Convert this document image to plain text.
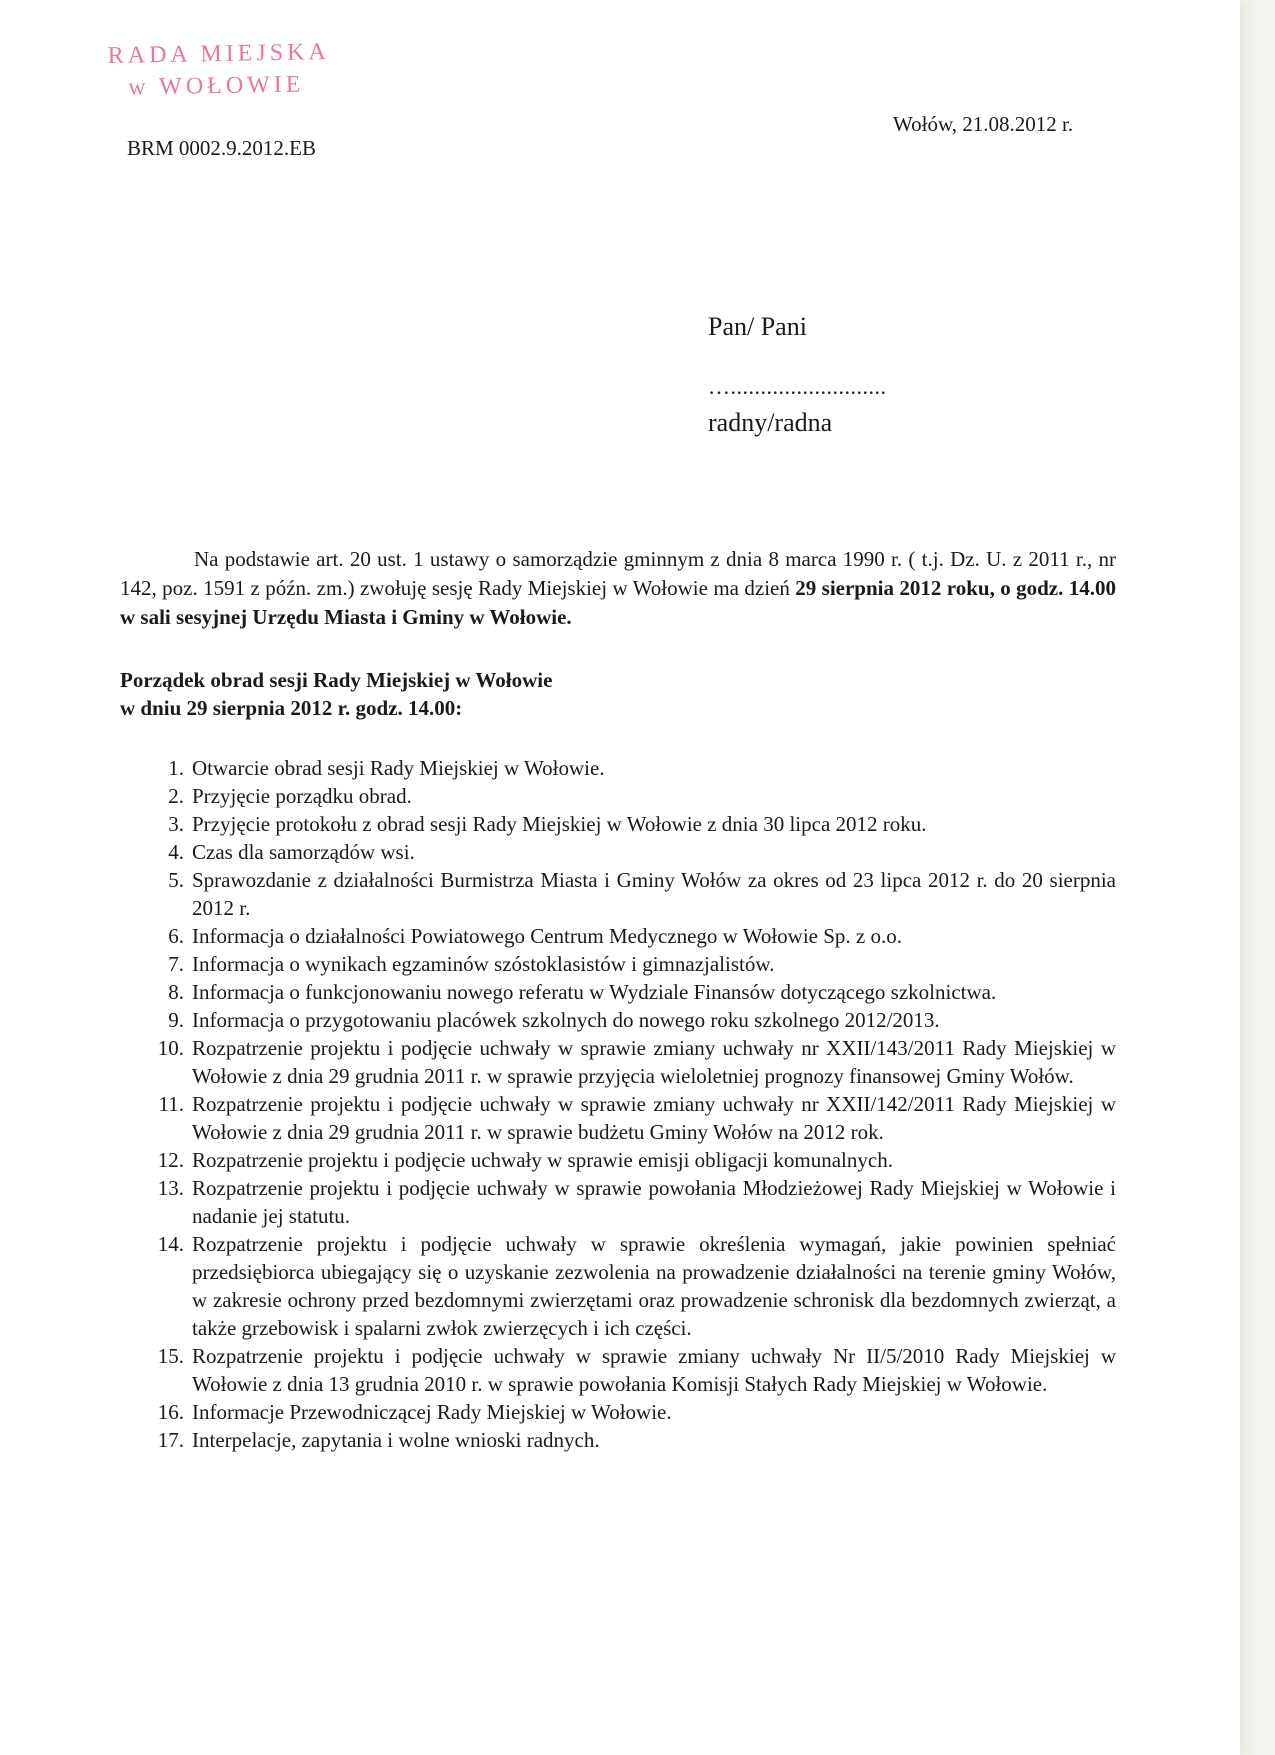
RADA MIEJSKA
w WOŁOWIE
BRM 0002.9.2012.EB
Wołów, 21.08.2012 r.
Pan/ Pani
…..........................
radny/radna

Na podstawie art. 20 ust. 1 ustawy o samorządzie gminnym z dnia 8 marca 1990 r. ( t.j. Dz. U. z 2011 r., nr 142, poz. 1591 z późn. zm.) zwołuję sesję Rady Miejskiej w Wołowie ma dzień 29 sierpnia 2012 roku, o godz. 14.00 w sali sesyjnej Urzędu Miasta i Gminy w Wołowie.

Porządek obrad sesji Rady Miejskiej w Wołowie
w dniu 29 sierpnia 2012 r. godz. 14.00:
1. Otwarcie obrad sesji Rady Miejskiej w Wołowie.
2. Przyjęcie porządku obrad.
3. Przyjęcie protokołu z obrad sesji Rady Miejskiej w Wołowie z dnia 30 lipca 2012 roku.
4. Czas dla samorządów wsi.
5. Sprawozdanie z działalności Burmistrza Miasta i Gminy Wołów za okres od 23 lipca 2012 r. do 20 sierpnia 2012 r.
6. Informacja o działalności Powiatowego Centrum Medycznego w Wołowie Sp. z o.o.
7. Informacja o wynikach egzaminów szóstoklasistów i gimnazjalistów.
8. Informacja o funkcjonowaniu nowego referatu w Wydziale Finansów dotyczącego szkolnictwa.
9. Informacja o przygotowaniu placówek szkolnych do nowego roku szkolnego 2012/2013.
10. Rozpatrzenie projektu i podjęcie uchwały w sprawie zmiany uchwały nr XXII/143/2011 Rady Miejskiej w Wołowie z dnia 29 grudnia 2011 r. w sprawie przyjęcia wieloletniej prognozy finansowej Gminy Wołów.
11. Rozpatrzenie projektu i podjęcie uchwały w sprawie zmiany uchwały nr XXII/142/2011 Rady Miejskiej w Wołowie z dnia 29 grudnia 2011 r. w sprawie budżetu Gminy Wołów na 2012 rok.
12. Rozpatrzenie projektu i podjęcie uchwały w sprawie emisji obligacji komunalnych.
13. Rozpatrzenie projektu i podjęcie uchwały w sprawie powołania Młodzieżowej Rady Miejskiej w Wołowie i nadanie jej statutu.
14. Rozpatrzenie projektu i podjęcie uchwały w sprawie określenia wymagań, jakie powinien spełniać przedsiębiorca ubiegający się o uzyskanie zezwolenia na prowadzenie działalności na terenie gminy Wołów, w zakresie ochrony przed bezdomnymi zwierzętami oraz prowadzenie schronisk dla bezdomnych zwierząt, a także grzebowisk i spalarni zwłok zwierzęcych i ich części.
15. Rozpatrzenie projektu i podjęcie uchwały w sprawie zmiany uchwały Nr II/5/2010 Rady Miejskiej w Wołowie z dnia 13 grudnia 2010 r. w sprawie powołania Komisji Stałych Rady Miejskiej w Wołowie.
16. Informacje Przewodniczącej Rady Miejskiej w Wołowie.
17. Interpelacje, zapytania i wolne wnioski radnych.
